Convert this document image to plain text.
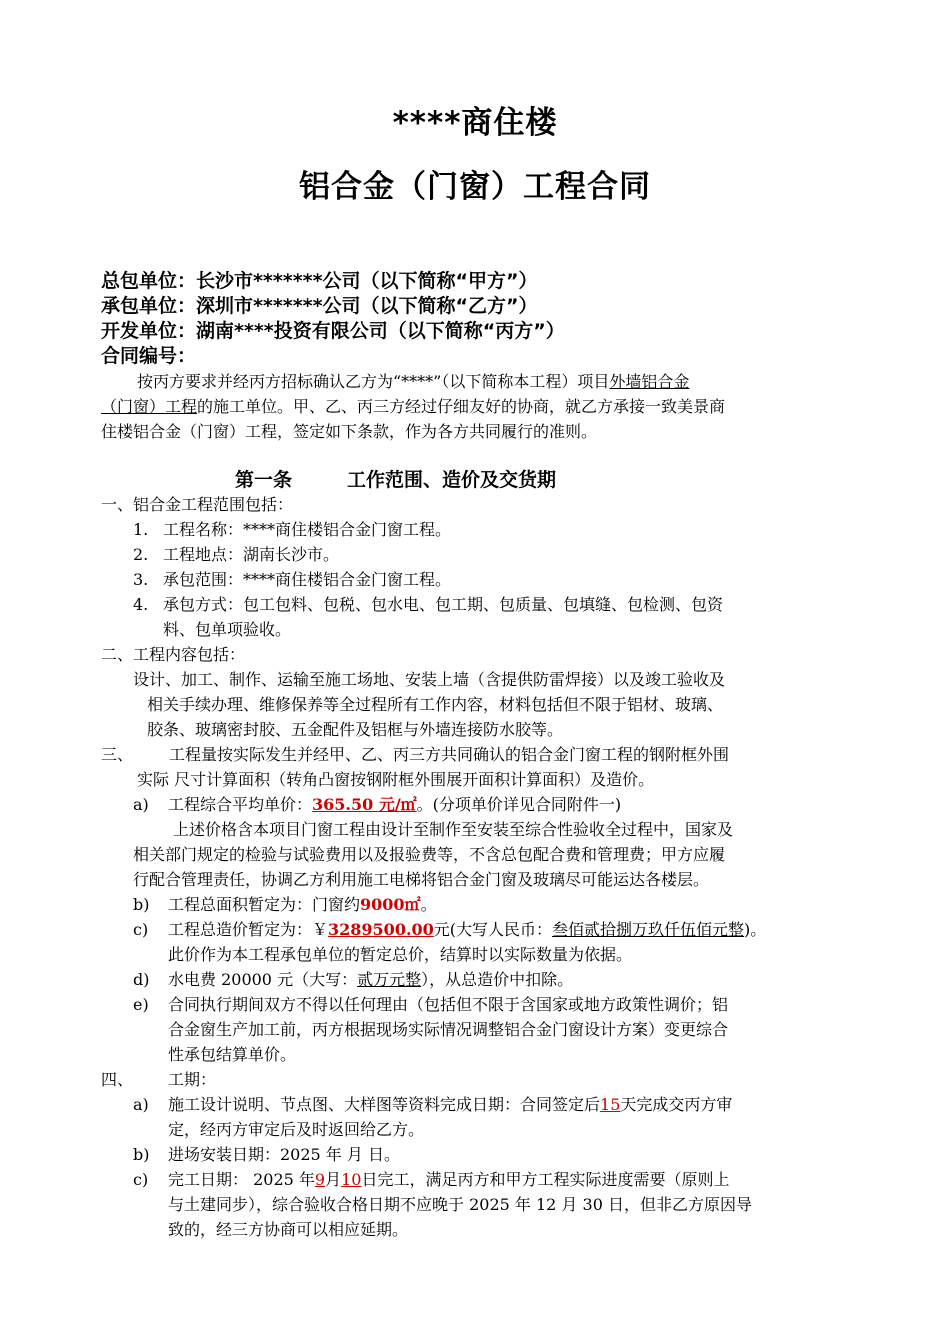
****商住楼
铝合金（门窗）工程合同
总包单位：长沙市*******公司（以下简称“甲方”）
承包单位：深圳市*******公司（以下简称“乙方”）
开发单位：湖南****投资有限公司（以下简称“丙方”）
合同编号：
按丙方要求并经丙方招标确认乙方为“****”（以下简称本工程）项目外墙铝合金
（门窗）工程的施工单位。甲、乙、丙三方经过仔细友好的协商，就乙方承接一致美景商
住楼铝合金（门窗）工程，签定如下条款，作为各方共同履行的准则。
第一条	工作范围、造价及交货期
一、铝合金工程范围包括：
1. 工程名称：****商住楼铝合金门窗工程。
2. 工程地点：湖南长沙市。
3. 承包范围：****商住楼铝合金门窗工程。
4. 承包方式：包工包料、包税、包水电、包工期、包质量、包填缝、包检测、包资
料、包单项验收。
二、工程内容包括：
设计、加工、制作、运输至施工场地、安装上墙（含提供防雷焊接）以及竣工验收及
相关手续办理、维修保养等全过程所有工作内容，材料包括但不限于铝材、玻璃、
胶条、玻璃密封胶、五金配件及铝框与外墙连接防水胶等。
三、 工程量按实际发生并经甲、乙、丙三方共同确认的铝合金门窗工程的钢附框外围
实际 尺寸计算面积（转角凸窗按钢附框外围展开面积计算面积）及造价。
a) 工程综合平均单价：365.50 元/㎡。(分项单价详见合同附件一)
上述价格含本项目门窗工程由设计至制作至安装至综合性验收全过程中，国家及
相关部门规定的检验与试验费用以及报验费等，不含总包配合费和管理费；甲方应履
行配合管理责任，协调乙方利用施工电梯将铝合金门窗及玻璃尽可能运达各楼层。
b) 工程总面积暂定为：门窗约9000㎡。
c) 工程总造价暂定为：￥3289500.00元(大写人民币：叁佰贰拾捌万玖仟伍佰元整)。
此价作为本工程承包单位的暂定总价，结算时以实际数量为依据。
d) 水电费 20000 元（大写：贰万元整），从总造价中扣除。
e) 合同执行期间双方不得以任何理由（包括但不限于含国家或地方政策性调价；铝
合金窗生产加工前，丙方根据现场实际情况调整铝合金门窗设计方案）变更综合
性承包结算单价。
四、 工期：
a) 施工设计说明、节点图、大样图等资料完成日期：合同签定后15天完成交丙方审
定，经丙方审定后及时返回给乙方。
b) 进场安装日期：2025 年 月 日。
c) 完工日期： 2025 年9月10日完工，满足丙方和甲方工程实际进度需要（原则上
与土建同步），综合验收合格日期不应晚于 2025 年 12 月 30 日，但非乙方原因导
致的，经三方协商可以相应延期。
